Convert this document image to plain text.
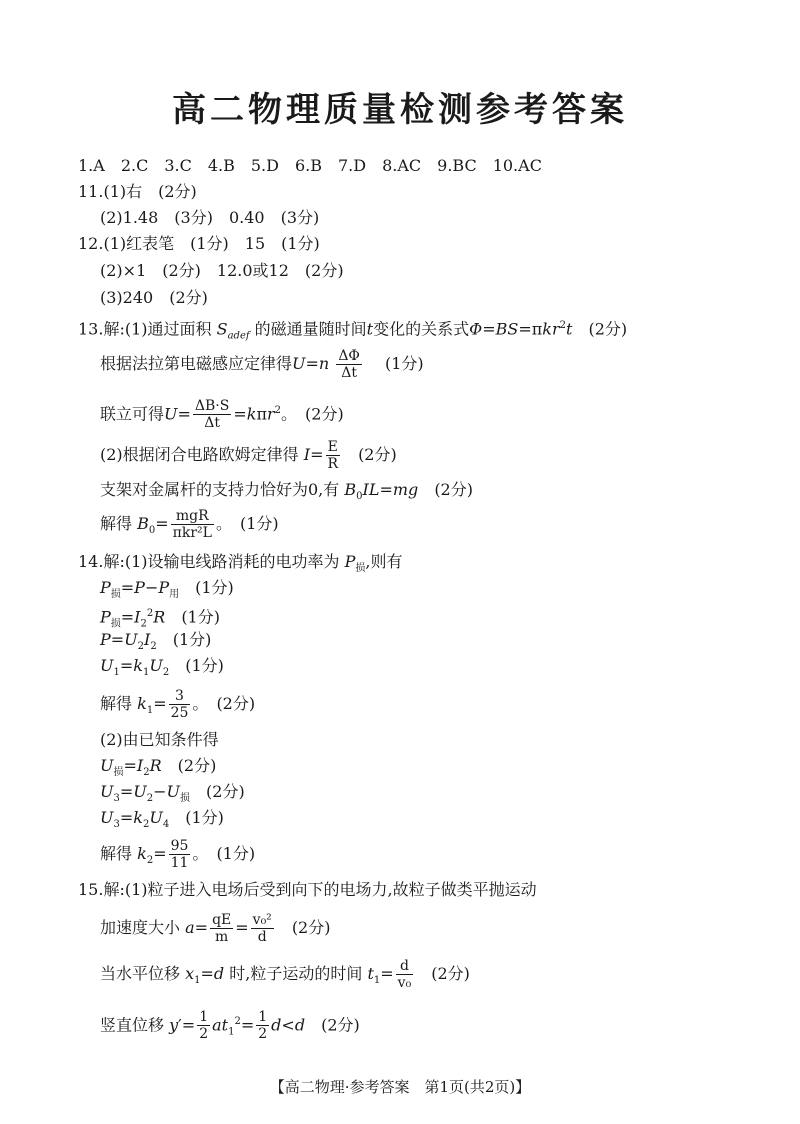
高二物理质量检测参考答案
1.A　2.C　3.C　4.B　5.D　6.B　7.D　8.AC　9.BC　10.AC
11.(1)右　(2分)
(2)1.48　(3分)　0.40　(3分)
12.(1)红表笔　(1分)　15　(1分)
(2)×1　(2分)　12.0或12　(2分)
(3)240　(2分)
13.解:(1)通过面积 $S_{adef}$ 的磁通量随时间t变化的关系式Φ=BS=πkr$^2$t　 (2分)
根据法拉第电磁感应定律得$U=n \frac{\Delta\Phi}{\Delta t}$
　 (1分)
联立可得$U= \frac{\Delta B\cdot S}{\Delta t} =k\pi r^2$。　(2分)
(2)根据闭合电路欧姆定律得 $I= \frac{E}{R}$
　 (2分)
支架对金属杆的支持力恰好为0,有 $B_0IL=mg$　 (2分)
解得 $B_0= \frac{\text{mgR}}{\text{πkr²L}}$ 。　(1分)
14.解:(1)设输电线路消耗的电功率为 $P_损$,则有
$P_损=P-P_用$　 (1分)
$P_损=I_2^2R$　 (1分)
$P=U_2I_2$　 (1分)
$U_1=k_1U_2$　 (1分)
解得 $k_1= \frac{3}{25}$ 。　(2分)
(2)由已知条件得
$U_损=I_2R$　 (2分)
$U_3=U_2-U_损$　 (2分)
$U_3=k_2U_4$　 (1分)
解得 $k_2= \frac{95}{11}$ 。　(1分)
15.解:(1)粒子进入电场后受到向下的电场力,故粒子做类平抛运动
加速度大小 $a= \frac{qE}{m} = \frac{\text{v₀²}}{d}$
　 (2分)
当水平位移 $x_1=d$ 时,粒子运动的时间 $t_1= \frac{d}{\text{v₀}}$
　 (2分)
竖直位移 $y'= \frac{1}{2} at_1^2= \frac{1}{2} d<d$　 (2分)
【高二物理·参考答案　第1页(共2页)】
